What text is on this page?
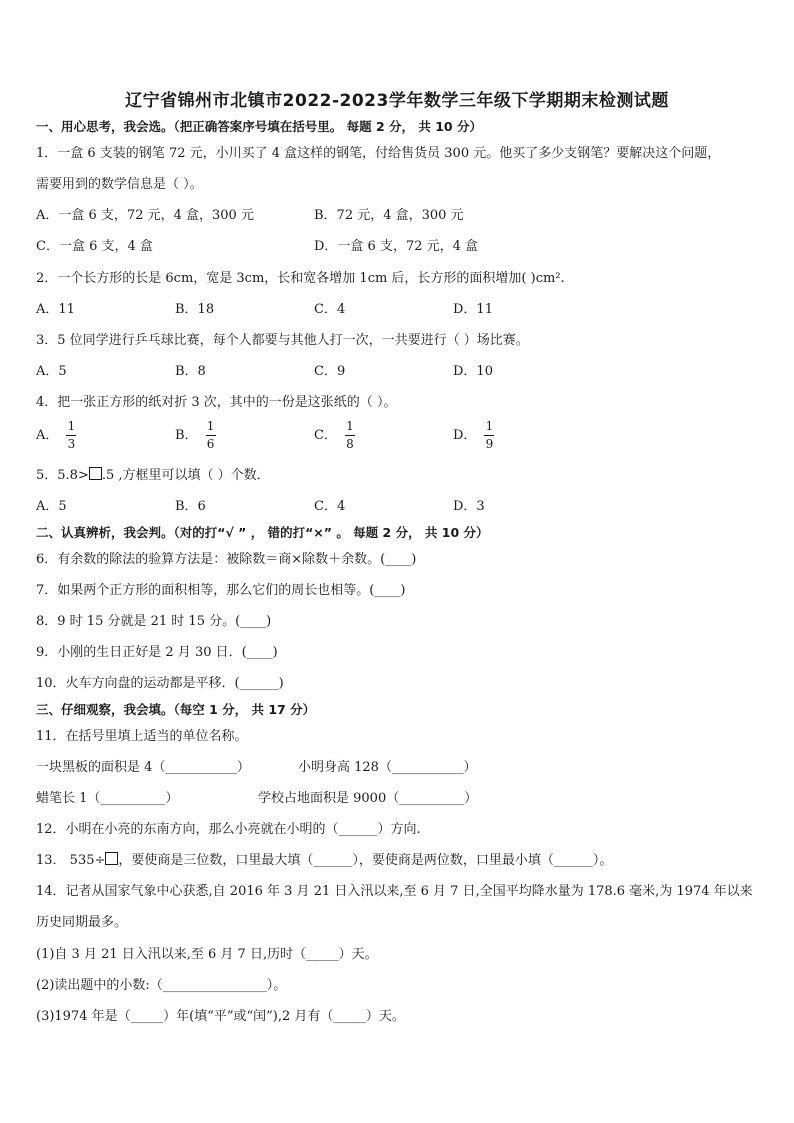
辽宁省锦州市北镇市2022-2023学年数学三年级下学期期末检测试题
一、用心思考，我会选。（把正确答案序号填在括号里。 每题 2 分， 共 10 分）
1．一盒 6 支装的钢笔 72 元，小川买了 4 盒这样的钢笔，付给售货员 300 元。他买了多少支钢笔？要解决这个问题，
需要用到的数学信息是（ ）。
A．一盒 6 支，72 元，4 盒，300 元	B．72 元，4 盒，300 元
C．一盒 6 支，4 盒	D．一盒 6 支，72 元，4 盒
2．一个长方形的长是 6cm，宽是 3cm，长和宽各增加 1cm 后，长方形的面积增加( )cm².
A．11	B．18	C．4	D．11
3．5 位同学进行乒乓球比赛，每个人都要与其他人打一次，一共要进行（ ）场比赛。
A．5	B．8	C．9	D．10
4．把一张正方形的纸对折 3 次，其中的一份是这张纸的（ ）。
A． $\frac{1}{3}$	B． $\frac{1}{6}$	C． $\frac{1}{8}$	D． $\frac{1}{9}$
5．5.8> .5 ,方框里可以填（ ）个数．
A．5	B．6	C．4	D．3
二、认真辨析，我会判。（对的打“√ ” ， 错的打“×” 。 每题 2 分， 共 10 分）
6．有余数的除法的验算方法是：被除数＝商×除数＋余数。(____)
7．如果两个正方形的面积相等，那么它们的周长也相等。(____)
8．9 时 15 分就是 21 时 15 分。(____)
9．小刚的生日正好是 2 月 30 日．(____)
10．火车方向盘的运动都是平移．(______)
三、仔细观察，我会填。（每空 1 分， 共 17 分）
11．在括号里填上适当的单位名称。
一块黑板的面积是 4（___________）	小明身高 128（___________）
蜡笔长 1（__________）	学校占地面积是 9000（__________）
12．小明在小亮的东南方向，那么小亮就在小明的（______）方向.
13． 535÷ ，要使商是三位数，口里最大填（______），要使商是两位数，口里最小填（______）。
14．记者从国家气象中心获悉,自 2016 年 3 月 21 日入汛以来,至 6 月 7 日,全国平均降水量为 178.6 毫米,为 1974 年以来
历史同期最多。
(1)自 3 月 21 日入汛以来,至 6 月 7 日,历时（_____）天。
(2)读出题中的小数:（________________）。
(3)1974 年是（_____）年(填“平”或“闰”),2 月有（_____）天。
